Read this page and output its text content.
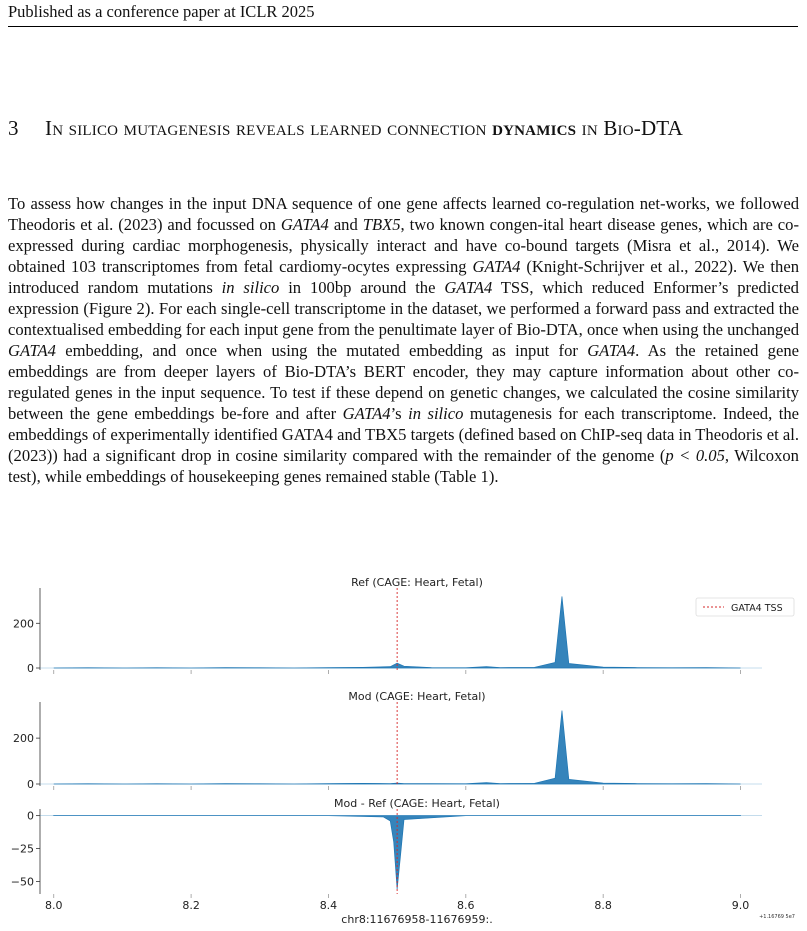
Published as a conference paper at ICLR 2025
3 In silico mutagenesis reveals learned connection dynamics in Bio-DTA
To assess how changes in the input DNA sequence of one gene affects learned co-regulation net-works, we followed Theodoris et al. (2023) and focussed on GATA4 and TBX5, two known congen-ital heart disease genes, which are co-expressed during cardiac morphogenesis, physically interact and have co-bound targets (Misra et al., 2014). We obtained 103 transcriptomes from fetal cardiomy-ocytes expressing GATA4 (Knight-Schrijver et al., 2022). We then introduced random mutations in silico in 100bp around the GATA4 TSS, which reduced Enformer’s predicted expression (Figure 2). For each single-cell transcriptome in the dataset, we performed a forward pass and extracted the contextualised embedding for each input gene from the penultimate layer of Bio-DTA, once when using the unchanged GATA4 embedding, and once when using the mutated embedding as input for GATA4. As the retained gene embeddings are from deeper layers of Bio-DTA’s BERT encoder, they may capture information about other co-regulated genes in the input sequence. To test if these depend on genetic changes, we calculated the cosine similarity between the gene embeddings be-fore and after GATA4’s in silico mutagenesis for each transcriptome. Indeed, the embeddings of experimentally identified GATA4 and TBX5 targets (defined based on ChIP-seq data in Theodoris et al. (2023)) had a significant drop in cosine similarity compared with the remainder of the genome (p < 0.05, Wilcoxon test), while embeddings of housekeeping genes remained stable (Table 1).
Ref (CAGE: Heart, Fetal)
0
200
GATA4 TSS
Mod (CAGE: Heart, Fetal)
0
200
Mod - Ref (CAGE: Heart, Fetal)
0
−25
−50
8.0	8.2	8.4	8.6	8.8	9.0
chr8:11676958-11676959:.	+1.16769 5e7
